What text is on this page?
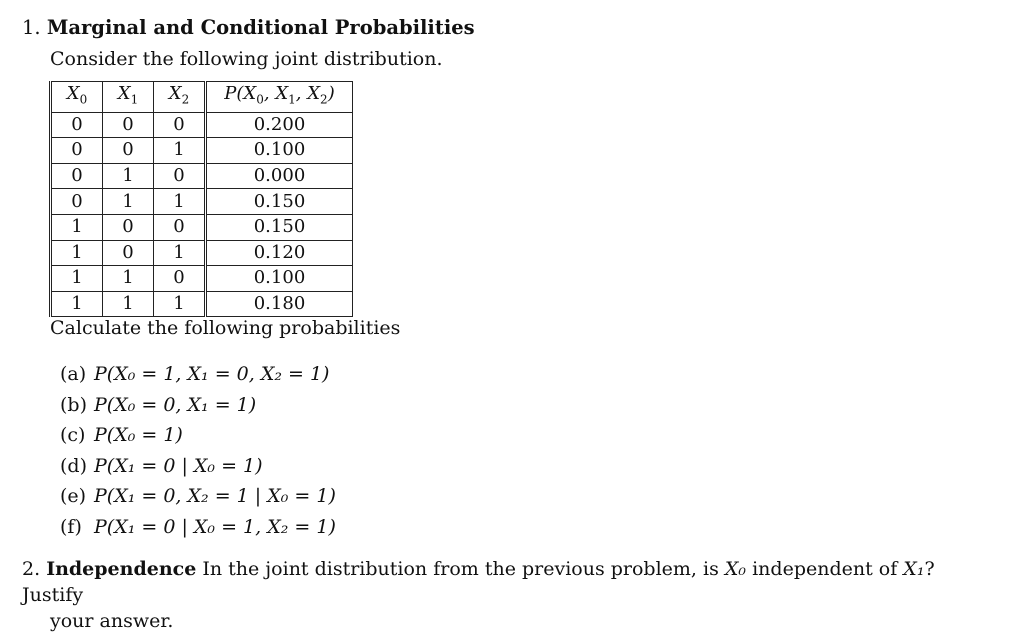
1. Marginal and Conditional Probabilities
Consider the following joint distribution.
$X_0$	$X_1$	$X_2$	$P(X_0$, $X_1$, $X_2$)
0	0	0	0.200
0	0	1	0.100
0	1	0	0.000
0	1	1	0.150
1	0	0	0.150
1	0	1	0.120
1	1	0	0.100
1	1	1	0.180
Calculate the following probabilities
(a) P(X₀ = 1, X₁ = 0, X₂ = 1)
(b) P(X₀ = 0, X₁ = 1)
(c) P(X₀ = 1)
(d) P(X₁ = 0 | X₀ = 1)
(e) P(X₁ = 0, X₂ = 1 | X₀ = 1)
(f) P(X₁ = 0 | X₀ = 1, X₂ = 1)
2. Independence In the joint distribution from the previous problem, is X₀ independent of X₁? Justify
your answer.
